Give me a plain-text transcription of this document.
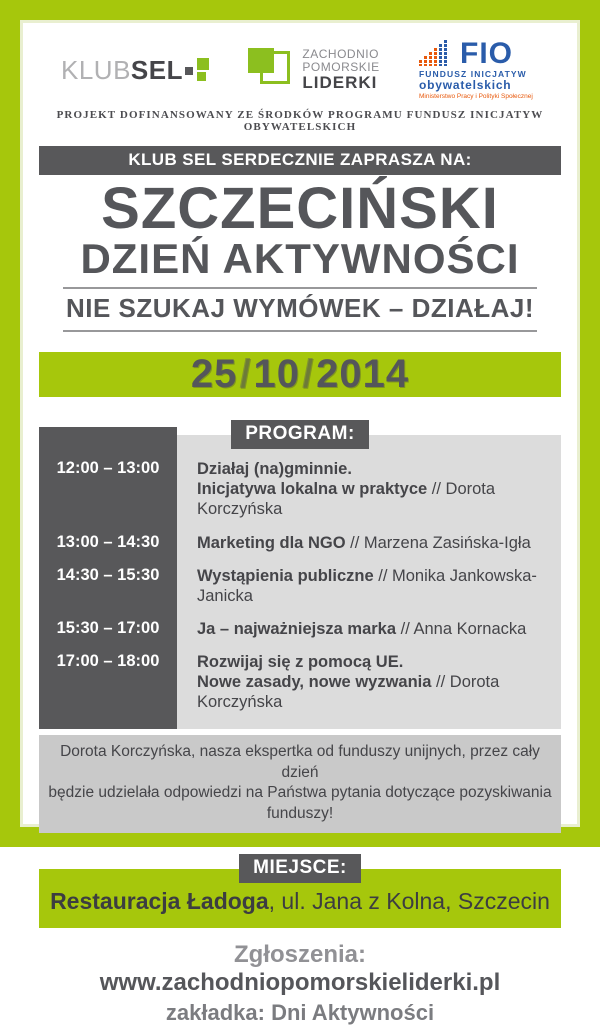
KLUB SEL
ZACHODNIO
POMORSKIE
LIDERKI
FIO
FUNDUSZ INICJATYW
obywatelskich
Ministerstwo Pracy i Polityki Społecznej
PROJEKT DOFINANSOWANY ZE ŚRODKÓW PROGRAMU FUNDUSZ INICJATYW OBYWATELSKICH
KLUB SEL SERDECZNIE ZAPRASZA NA:
SZCZECIŃSKI
DZIEŃ AKTYWNOŚCI
NIE SZUKAJ WYMÓWEK – DZIAŁAJ!
25 / 10 / 2014
PROGRAM:
12:00 – 13:00	Działaj (na)gminnie.
Inicjatywa lokalna w praktyce // Dorota Korczyńska
13:00 – 14:30	Marketing dla NGO // Marzena Zasińska-Igła
14:30 – 15:30	Wystąpienia publiczne // Monika Jankowska-Janicka
15:30 – 17:00	Ja – najważniejsza marka // Anna Kornacka
17:00 – 18:00	Rozwijaj się z pomocą UE.
Nowe zasady, nowe wyzwania // Dorota Korczyńska
Dorota Korczyńska, nasza ekspertka od funduszy unijnych, przez cały dzień
będzie udzielała odpowiedzi na Państwa pytania dotyczące pozyskiwania funduszy!
MIEJSCE:
Restauracja Ładoga, ul. Jana z Kolna, Szczecin
Zgłoszenia: www.zachodniopomorskieliderki.pl
zakładka: Dni Aktywności
